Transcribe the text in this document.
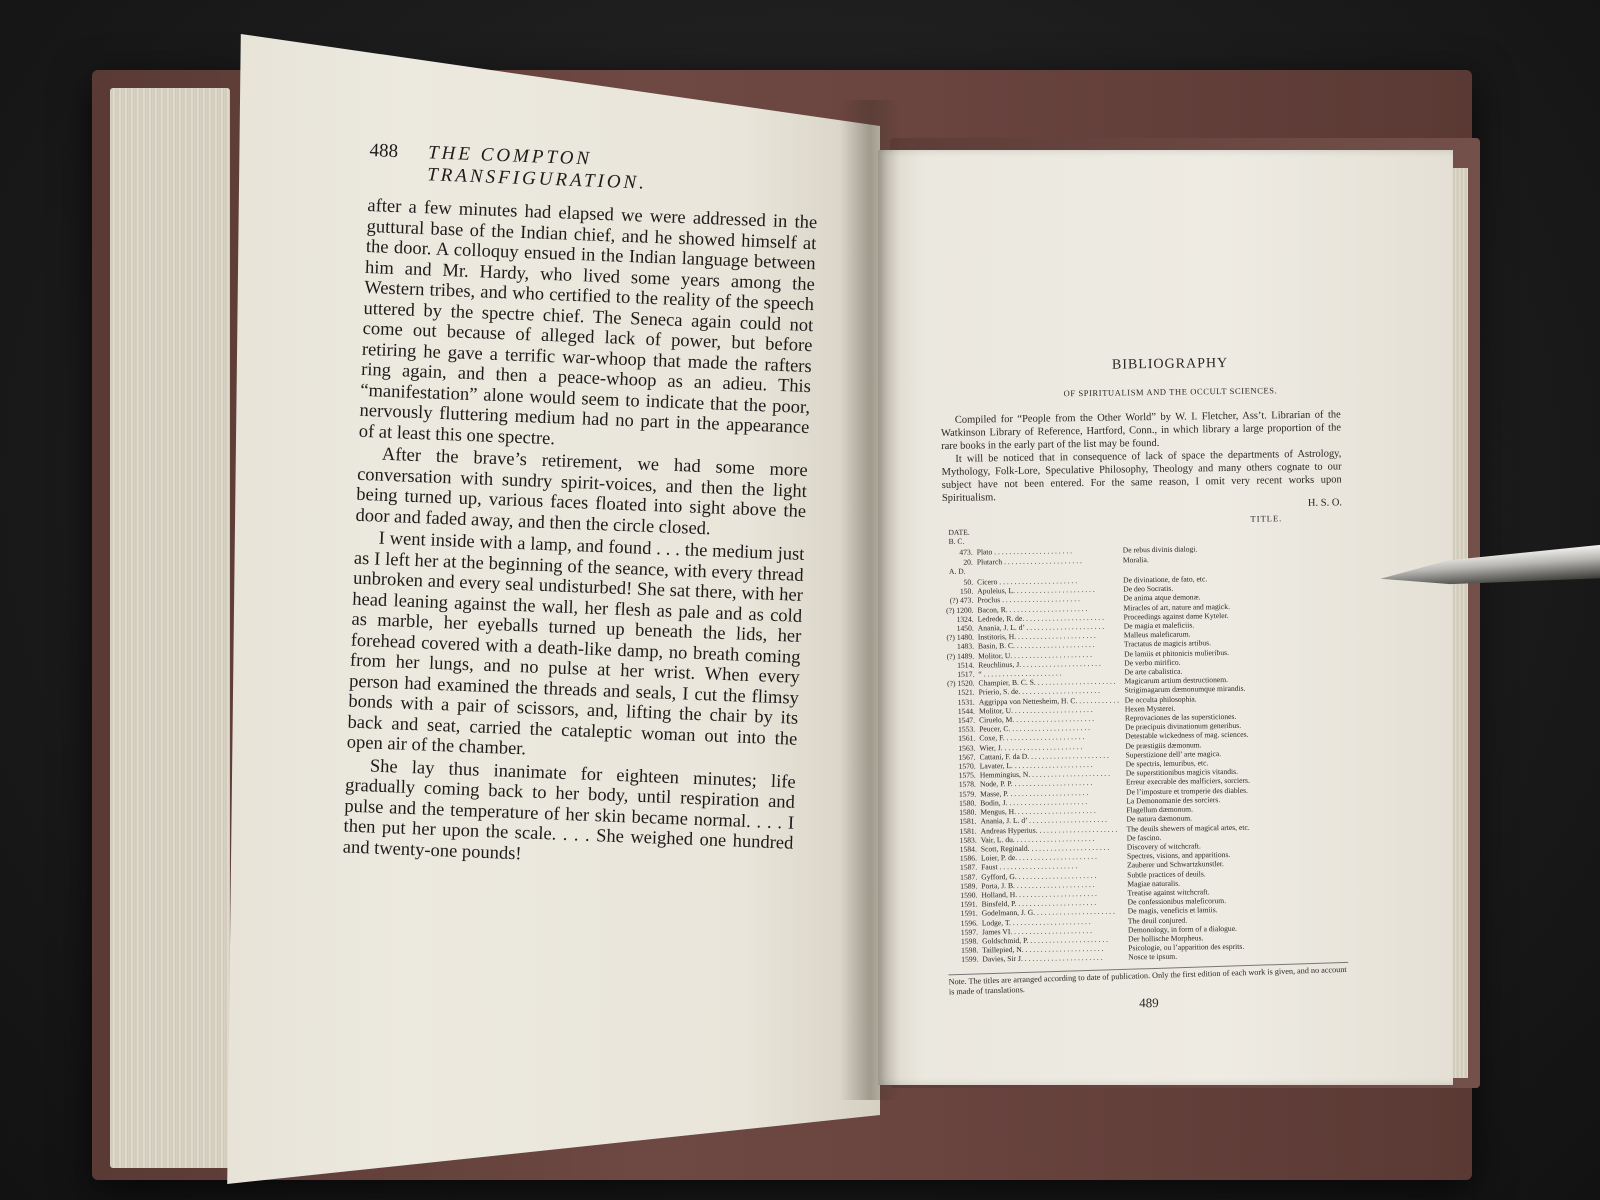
488 THE COMPTON TRANSFIGURATION.

after a few minutes had elapsed we were addressed in the guttural base of the Indian chief, and he showed himself at the door. A colloquy ensued in the Indian language between him and Mr. Hardy, who lived some years among the Western tribes, and who certified to the reality of the speech uttered by the spectre chief. The Seneca again could not come out because of alleged lack of power, but before retiring he gave a terrific war-whoop that made the rafters ring again, and then a peace-whoop as an adieu. This “manifestation” alone would seem to indicate that the poor, nervously fluttering medium had no part in the appearance of at least this one spectre.

After the brave’s retirement, we had some more conversation with sundry spirit-voices, and then the light being turned up, various faces floated into sight above the door and faded away, and then the circle closed.

I went inside with a lamp, and found . . . the medium just as I left her at the beginning of the seance, with every thread unbroken and every seal undisturbed! She sat there, with her head leaning against the wall, her flesh as pale and as cold as marble, her eyeballs turned up beneath the lids, her forehead covered with a death-like damp, no breath coming from her lungs, and no pulse at her wrist. When every person had examined the threads and seals, I cut the flimsy bonds with a pair of scissors, and, lifting the chair by its back and seat, carried the cataleptic woman out into the open air of the chamber.

She lay thus inanimate for eighteen minutes; life gradually coming back to her body, until respiration and pulse and the temperature of her skin became normal. . . . I then put her upon the scale. . . . She weighed one hundred and twenty-one pounds!

BIBLIOGRAPHY
OF SPIRITUALISM AND THE OCCULT SCIENCES.

Compiled for “People from the Other World” by W. I. Fletcher, Ass’t. Librarian of the Watkinson Library of Reference, Hartford, Conn., in which library a large proportion of the rare books in the early part of the list may be found.

It will be noticed that in consequence of lack of space the departments of Astrology, Mythology, Folk-Lore, Speculative Philosophy, Theology and many others cognate to our subject have not been entered. For the same reason, I omit very recent works upon Spiritualism.	H. S. O.
TITLE.
DATE.
B. C.
473. Plato . . .	De rebus divinis dialogi.
20. Plutarch . . .	Moralia.
A. D.
50. Cicero . . .	De divinatione, de fato, etc.
150. Apuleius, L. . . .	De deo Socratis.
(?) 473. Proclus . . .	De anima atque demonæ.
(?) 1200. Bacon, R. . . .	Miracles of art, nature and magick.
1324. Ledrede, R. de. . . .	Proceedings against dame Kyteler.
1450. Anania, J. L. d’ . . .	De magia et maleficiis.
(?) 1480. Institoris, H. . . .	Malleus maleficarum.
1483. Basin, B. C. . . .	Tractatus de magicis artibus.
(?) 1489. Molitor, U. . . .	De lamiis et phitonicis mulieribus.
1514. Reuchlinus, J. . . .	De verbo mirifico.
1517. “ . . .	De arte cabalistica.
(?) 1520. Champier, B. C. S. . . .	Magicarum artium destructionem.
1521. Prierio, S. de. . . .	Strigimagarum dæmonumque mirandis.
1531. Aggrippa von Nettesheim, H. C. . . .	De occulta philosophia.
1544. Molitor, U. . . .	Hexen Mysterei.
1547. Ciruelo, M. . . .	Reprovaciones de las supersticiones.
1553. Peucer, C. . . .	De præcipuis divinationum generibus.
1561. Coxe, F. . . .	Detestable wickedness of mag. sciences.
1563. Wier, J. . . .	De præstigiis dæmonum.
1567. Cattani, F. da D. . . .	Superstizione dell’ arte magica.
1570. Lavater, L. . . .	De spectris, lemuribus, etc.
1575. Hemmingius, N. . . .	De superstitionibus magicis vitandis.
1578. Node, P. P. . . .	Erreur execrable des malficiers, sorciers.
1579. Masse, P. . . .	De l’imposture et tromperie des diables.
1580. Bodin, J. . . .	La Demonomanie des sorciers.
1580. Mengus, H. . . .	Flagellum dæmonum.
1581. Anania, J. L. d’ . . .	De natura dæmonum.
1581. Andreas Hyperius. . . .	The deuils shewers of magical artes, etc.
1583. Vair, L. du. . . .	De fascino.
1584. Scott, Reginald. . . .	Discovery of witchcraft.
1586. Loier, P. de. . . .	Spectres, visions, and apparitions.
1587. Faust . . .	Zauberer und Schwartzkunstler.
1587. Gyfford, G. . . .	Subtle practices of deuils.
1589. Porta, J. B. . . .	Magiae naturalis.
1590. Holland, H. . . .	Treatise against witchcraft.
1591. Binsfeld, P. . . .	De confessionibus maleficorum.
1591. Godelmann, J. G. . . .	De magis, veneficis et lamiis.
1596. Lodge, T. . . .	The deuil conjured.
1597. James VI. . . .	Demonology, in form of a dialogue.
1598. Goldschmid, P. . . .	Der hollische Morpheus.
1598. Taillepied, N. . . .	Psicologie, ou l’apparition des esprits.
1599. Davies, Sir J. . . .	Nosce te ipsum.
Note. The titles are arranged according to date of publication. Only the first edition of each work is given, and no account is made of translations.
489
